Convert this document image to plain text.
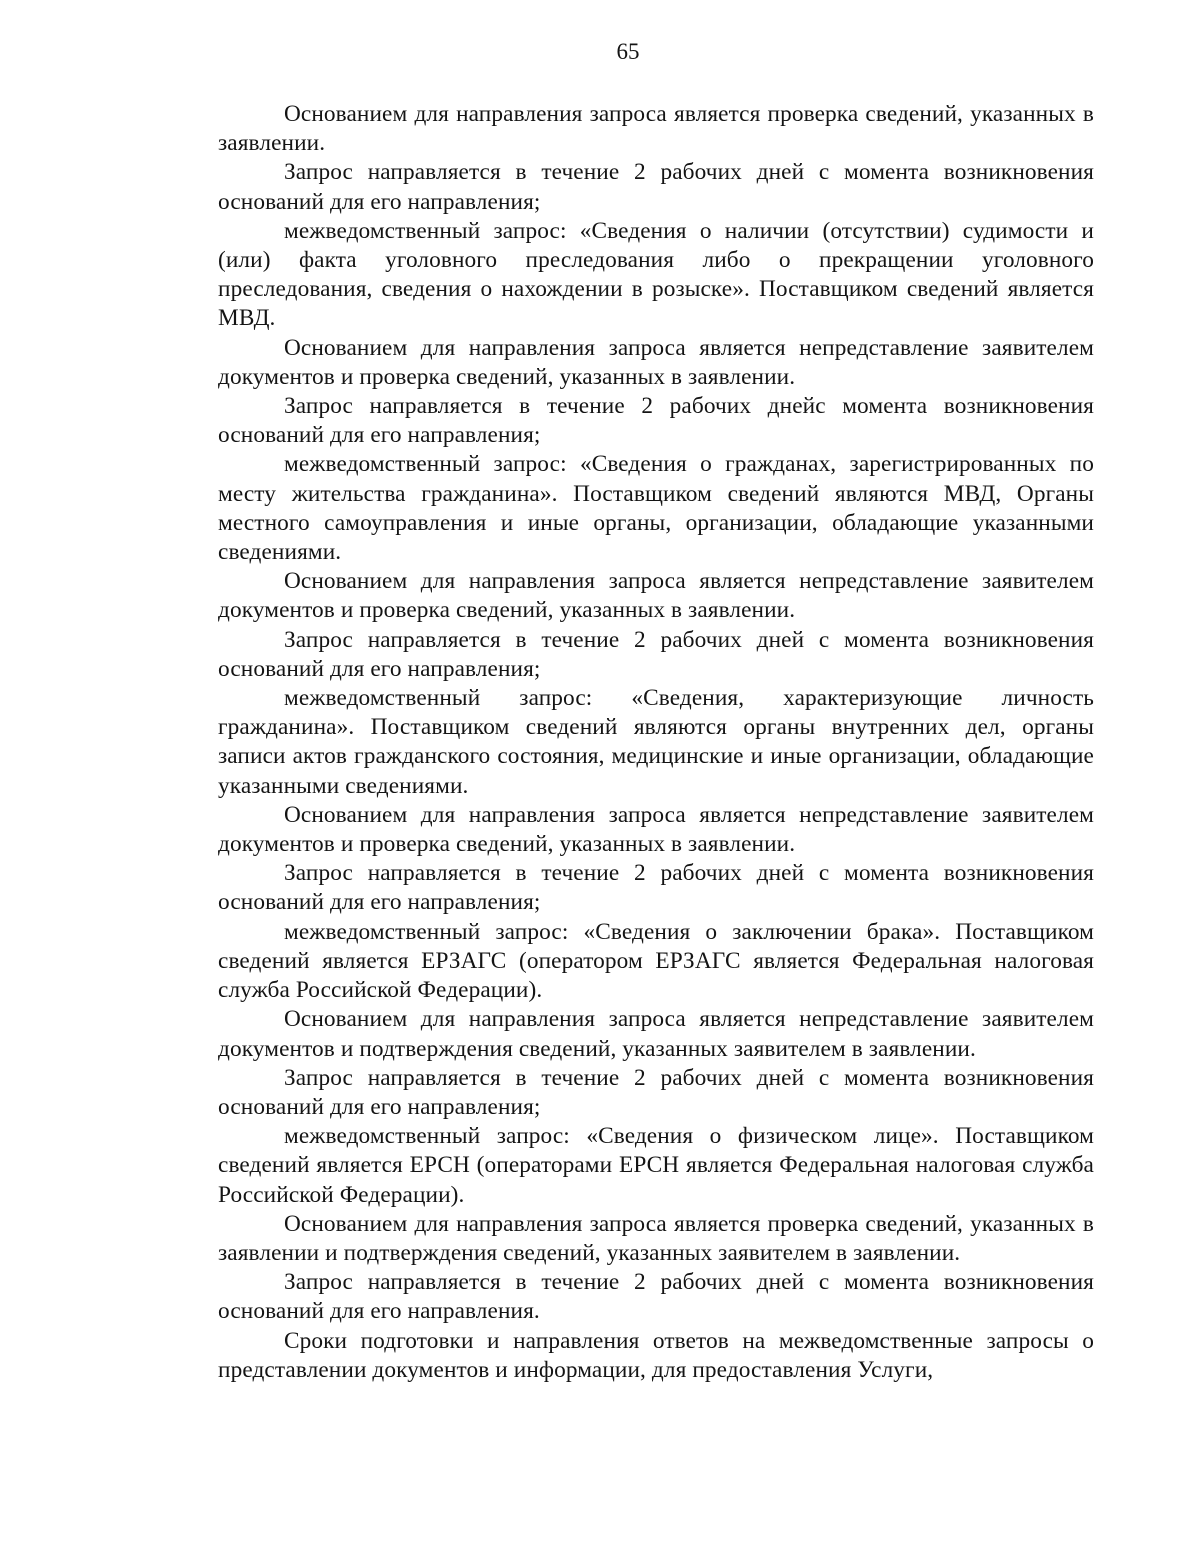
65

Основанием для направления запроса является проверка сведений, указанных в заявлении.

Запрос направляется в течение 2 рабочих дней с момента возникновения оснований для его направления;

межведомственный запрос: «Сведения о наличии (отсутствии) судимости и (или) факта уголовного преследования либо о прекращении уголовного преследования, сведения о нахождении в розыске». Поставщиком сведений является МВД.

Основанием для направления запроса является непредставление заявителем документов и проверка сведений, указанных в заявлении.

Запрос направляется в течение 2 рабочих днейс момента возникновения оснований для его направления;

межведомственный запрос: «Сведения о гражданах, зарегистрированных по месту жительства гражданина». Поставщиком сведений являются МВД, Органы местного самоуправления и иные органы, организации, обладающие указанными сведениями.

Основанием для направления запроса является непредставление заявителем документов и проверка сведений, указанных в заявлении.

Запрос направляется в течение 2 рабочих дней с момента возникновения оснований для его направления;

межведомственный запрос: «Сведения, характеризующие личность гражданина». Поставщиком сведений являются органы внутренних дел, органы записи актов гражданского состояния, медицинские и иные организации, обладающие указанными сведениями.

Основанием для направления запроса является непредставление заявителем документов и проверка сведений, указанных в заявлении.

Запрос направляется в течение 2 рабочих дней с момента возникновения оснований для его направления;

межведомственный запрос: «Сведения о заключении брака». Поставщиком сведений является ЕРЗАГС (оператором ЕРЗАГС является Федеральная налоговая служба Российской Федерации).

Основанием для направления запроса является непредставление заявителем документов и подтверждения сведений, указанных заявителем в заявлении.

Запрос направляется в течение 2 рабочих дней с момента возникновения оснований для его направления;

межведомственный запрос: «Сведения о физическом лице». Поставщиком сведений является ЕРСН (операторами ЕРСН является Федеральная налоговая служба Российской Федерации).

Основанием для направления запроса является проверка сведений, указанных в заявлении и подтверждения сведений, указанных заявителем в заявлении.

Запрос направляется в течение 2 рабочих дней с момента возникновения оснований для его направления.

Сроки подготовки и направления ответов на межведомственные запросы о представлении документов и информации, для предоставления Услуги,
